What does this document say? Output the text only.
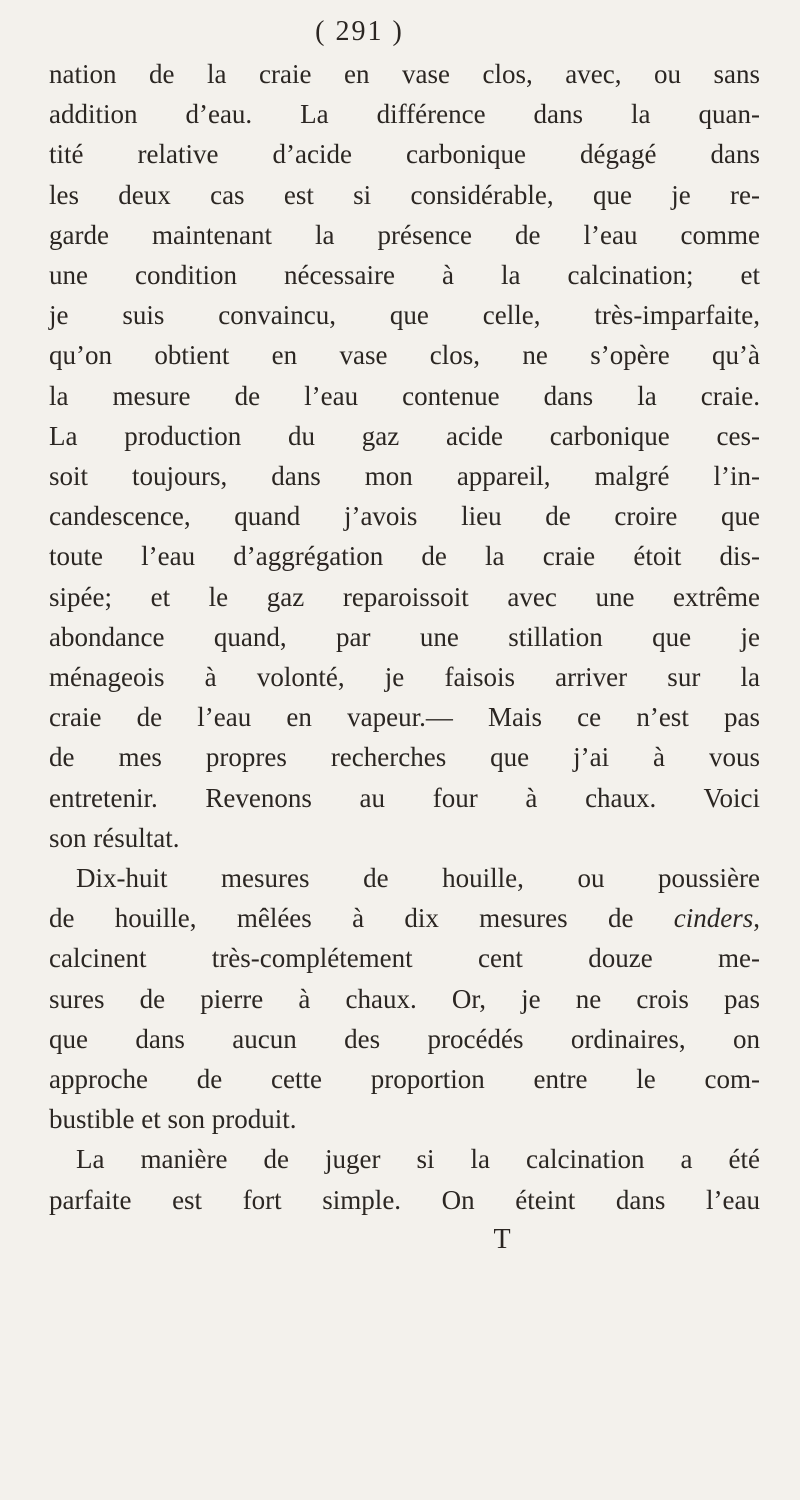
( 291 )
nation de la craie en vase clos, avec, ou sans
addition d’eau. La différence dans la quan-
tité relative d’acide carbonique dégagé dans
les deux cas est si considérable, que je re-
garde maintenant la présence de l’eau comme
une condition nécessaire à la calcination; et
je suis convaincu, que celle, très-imparfaite,
qu’on obtient en vase clos, ne s’opère qu’à
la mesure de l’eau contenue dans la craie.
La production du gaz acide carbonique ces-
soit toujours, dans mon appareil, malgré l’in-
candescence, quand j’avois lieu de croire que
toute l’eau d’aggrégation de la craie étoit dis-
sipée; et le gaz reparoissoit avec une extrême
abondance quand, par une stillation que je
ménageois à volonté, je faisois arriver sur la
craie de l’eau en vapeur.— Mais ce n’est pas
de mes propres recherches que j’ai à vous
entretenir. Revenons au four à chaux. Voici
son résultat.
Dix-huit mesures de houille, ou poussière
de houille, mêlées à dix mesures de cinders,
calcinent très-complétement cent douze me-
sures de pierre à chaux. Or, je ne crois pas
que dans aucun des procédés ordinaires, on
approche de cette proportion entre le com-
bustible et son produit.
La manière de juger si la calcination a été
parfaite est fort simple. On éteint dans l’eau
T
